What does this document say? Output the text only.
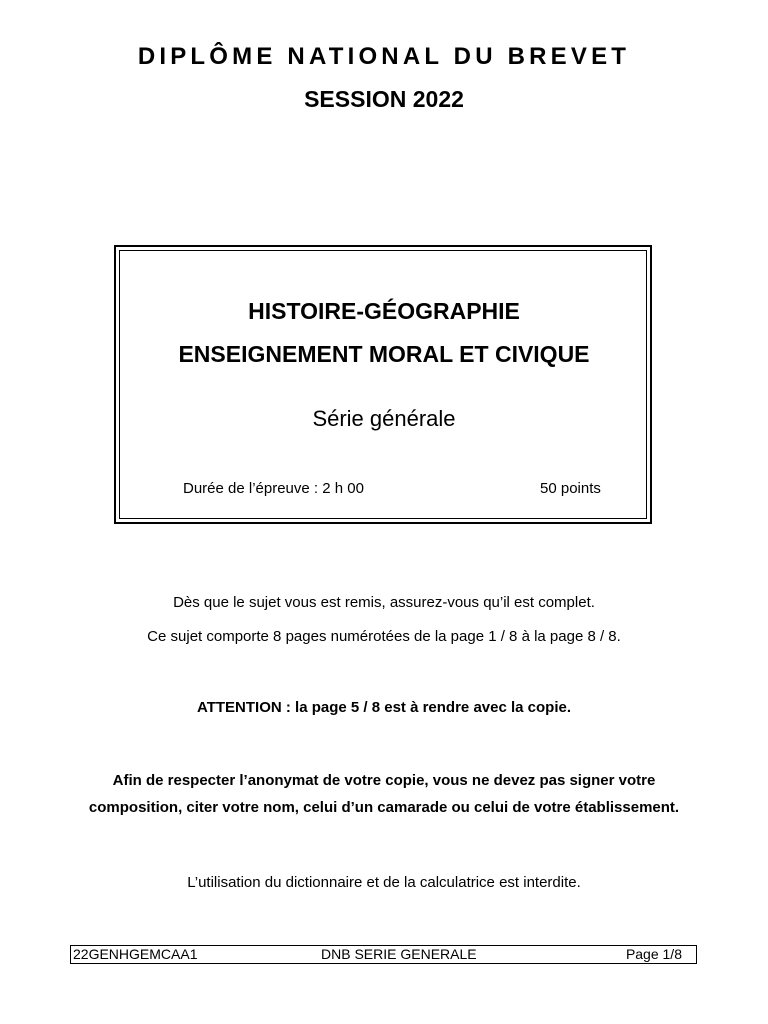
DIPLÔME NATIONAL DU BREVET
SESSION 2022
HISTOIRE-GÉOGRAPHIE
ENSEIGNEMENT MORAL ET CIVIQUE
Série générale
Durée de l’épreuve : 2 h 00	50 points
Dès que le sujet vous est remis, assurez-vous qu’il est complet.
Ce sujet comporte 8 pages numérotées de la page 1 / 8 à la page 8 / 8.
ATTENTION : la page 5 / 8 est à rendre avec la copie.
Afin de respecter l’anonymat de votre copie, vous ne devez pas signer votre
composition, citer votre nom, celui d’un camarade ou celui de votre établissement.
L’utilisation du dictionnaire et de la calculatrice est interdite.
22GENHGEMCAA1	DNB SERIE GENERALE	Page 1/8
